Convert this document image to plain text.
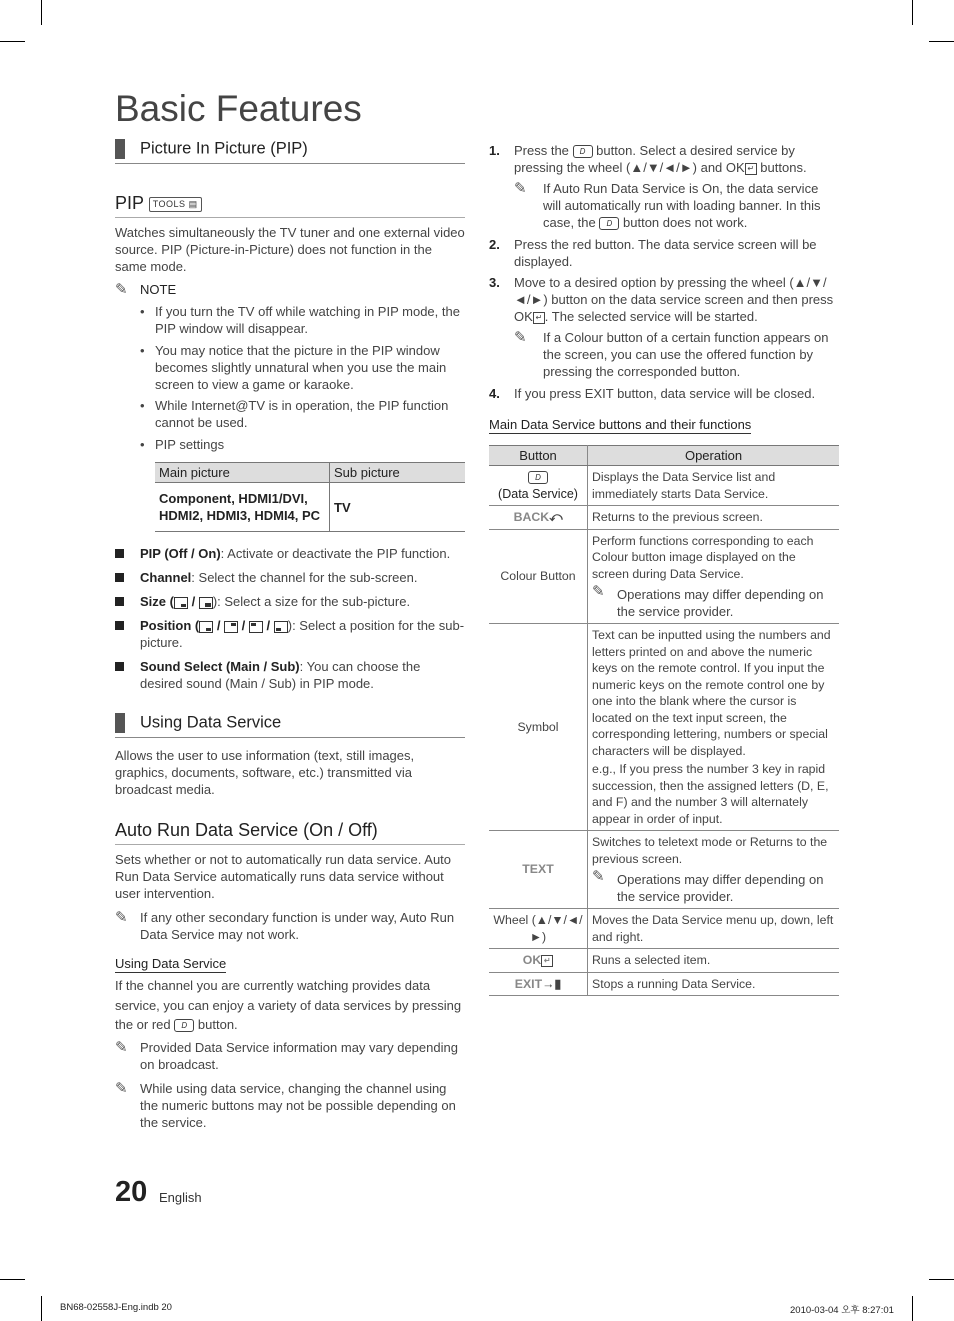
Basic Features
Picture In Picture (PIP)
PIP TOOLS ▤
Watches simultaneously the TV tuner and one external video source. PIP (Picture-in-Picture) does not function in the same mode.
✎ NOTE
• If you turn the TV off while watching in PIP mode, the PIP window will disappear.
• You may notice that the picture in the PIP window becomes slightly unnatural when you use the main screen to view a game or karaoke.
• While Internet@TV is in operation, the PIP function cannot be used.
• PIP settings
Main picture	Sub picture
Component, HDMI1/DVI, HDMI2, HDMI3, HDMI4, PC	TV
PIP (Off / On): Activate or deactivate the PIP function.
Channel: Select the channel for the sub-screen.
Size (
/
): Select a size for the sub-picture.
Position (
/
/
/
): Select a position for the sub-picture.
Sound Select (Main / Sub): You can choose the desired sound (Main / Sub) in PIP mode.
Using Data Service
Allows the user to use information (text, still images, graphics, documents, software, etc.) transmitted via broadcast media.
Auto Run Data Service (On / Off)
Sets whether or not to automatically run data service. Auto Run Data Service automatically runs data service without user intervention.
✎ If any other secondary function is under way, Auto Run Data Service may not work.
Using Data Service
If the channel you are currently watching provides data service, you can enjoy a variety of data services by pressing the or red D button.
✎ Provided Data Service information may vary depending on broadcast.
✎ While using data service, changing the channel using the numeric buttons may not be possible depending on the service.
20 English
1. Press the D button. Select a desired service by pressing the wheel (▲/▼/◄/►) and OK ↵ buttons.
✎ If Auto Run Data Service is On, the data service will automatically run with loading banner. In this case, the D button does not work.
2. Press the red button. The data service screen will be displayed.
3. Move to a desired option by pressing the wheel (▲/▼/◄/►) button on the data service screen and then press OK ↵ . The selected service will be started.
✎ If a Colour button of a certain function appears on the screen, you can use the offered function by pressing the corresponded button.
4. If you press EXIT button, data service will be closed.
Main Data Service buttons and their functions
Button	Operation
D
(Data Service)	Displays the Data Service list and immediately starts Data Service.
BACK⤺	Returns to the previous screen.
Colour Button	Perform functions corresponding to each Colour button image displayed on the screen during Data Service.
✎ Operations may differ depending on the service provider.

Symbol	Text can be inputted using the numbers and letters printed on and above the numeric keys on the remote control. If you input the numeric keys on the remote control one by one into the blank where the cursor is located on the text input screen, the corresponding lettering, numbers or special characters will be displayed.
e.g., If you press the number 3 key in rapid succession, then the assigned letters (D, E, and F) and the number 3 will alternately appear in order of input.

TEXT	Switches to teletext mode or Returns to the previous screen.
✎ Operations may differ depending on the service provider.

Wheel (▲/▼/◄/►)	Moves the Data Service menu up, down, left and right.
OK ↵	Runs a selected item.
EXIT→▮	Stops a running Data Service.
BN68-02558J-Eng.indb 20	2010-03-04 오후 8:27:01
